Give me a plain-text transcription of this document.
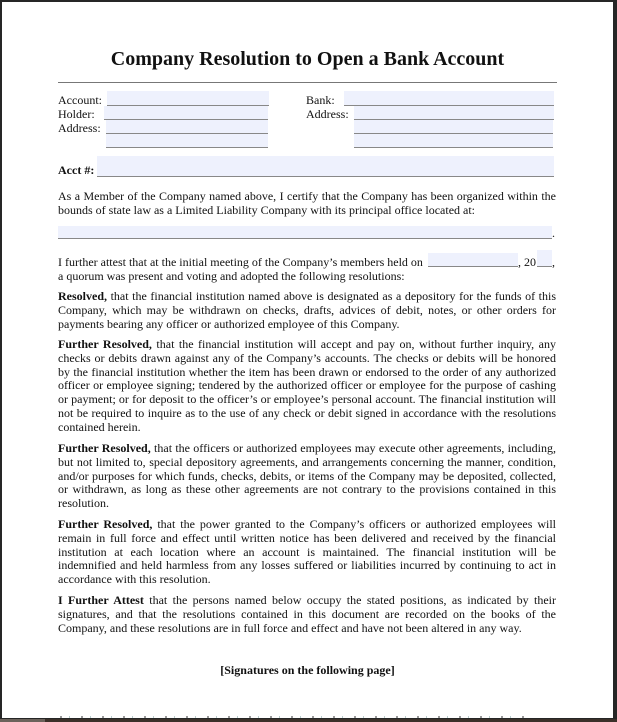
Company Resolution to Open a Bank Account
Account:
Holder:
Address:
Bank:
Address:
Acct #:

As a Member of the Company named above, I certify that the Company has been organized within the bounds of state law as a Limited Liability Company with its principal office located at:

.
I further attest that at the initial meeting of the Company’s members held on	, 20 ,
a quorum was present and voting and adopted the following resolutions:

Resolved, that the financial institution named above is designated as a depository for the funds of this Company, which may be withdrawn on checks, drafts, advices of debit, notes, or other orders for payments bearing any officer or authorized employee of this Company.

Further Resolved, that the financial institution will accept and pay on, without further inquiry, any checks or debits drawn against any of the Company’s accounts. The checks or debits will be honored by the financial institution whether the item has been drawn or endorsed to the order of any authorized officer or employee signing; tendered by the authorized officer or employee for the purpose of cashing or payment; or for deposit to the officer’s or employee’s personal account. The financial institution will not be required to inquire as to the use of any check or debit signed in accordance with the resolutions contained herein.

Further Resolved, that the officers or authorized employees may execute other agreements, including, but not limited to, special depository agreements, and arrangements concerning the manner, condition, and/or purposes for which funds, checks, debits, or items of the Company may be deposited, collected, or withdrawn, as long as these other agreements are not contrary to the provisions contained in this resolution.

Further Resolved, that the power granted to the Company’s officers or authorized employees will remain in full force and effect until written notice has been delivered and received by the financial institution at each location where an account is maintained. The financial institution will be indemnified and held harmless from any losses suffered or liabilities incurred by continuing to act in accordance with this resolution.

I Further Attest that the persons named below occupy the stated positions, as indicated by their signatures, and that the resolutions contained in this document are recorded on the books of the Company, and these resolutions are in full force and effect and have not been altered in any way.

[Signatures on the following page]
